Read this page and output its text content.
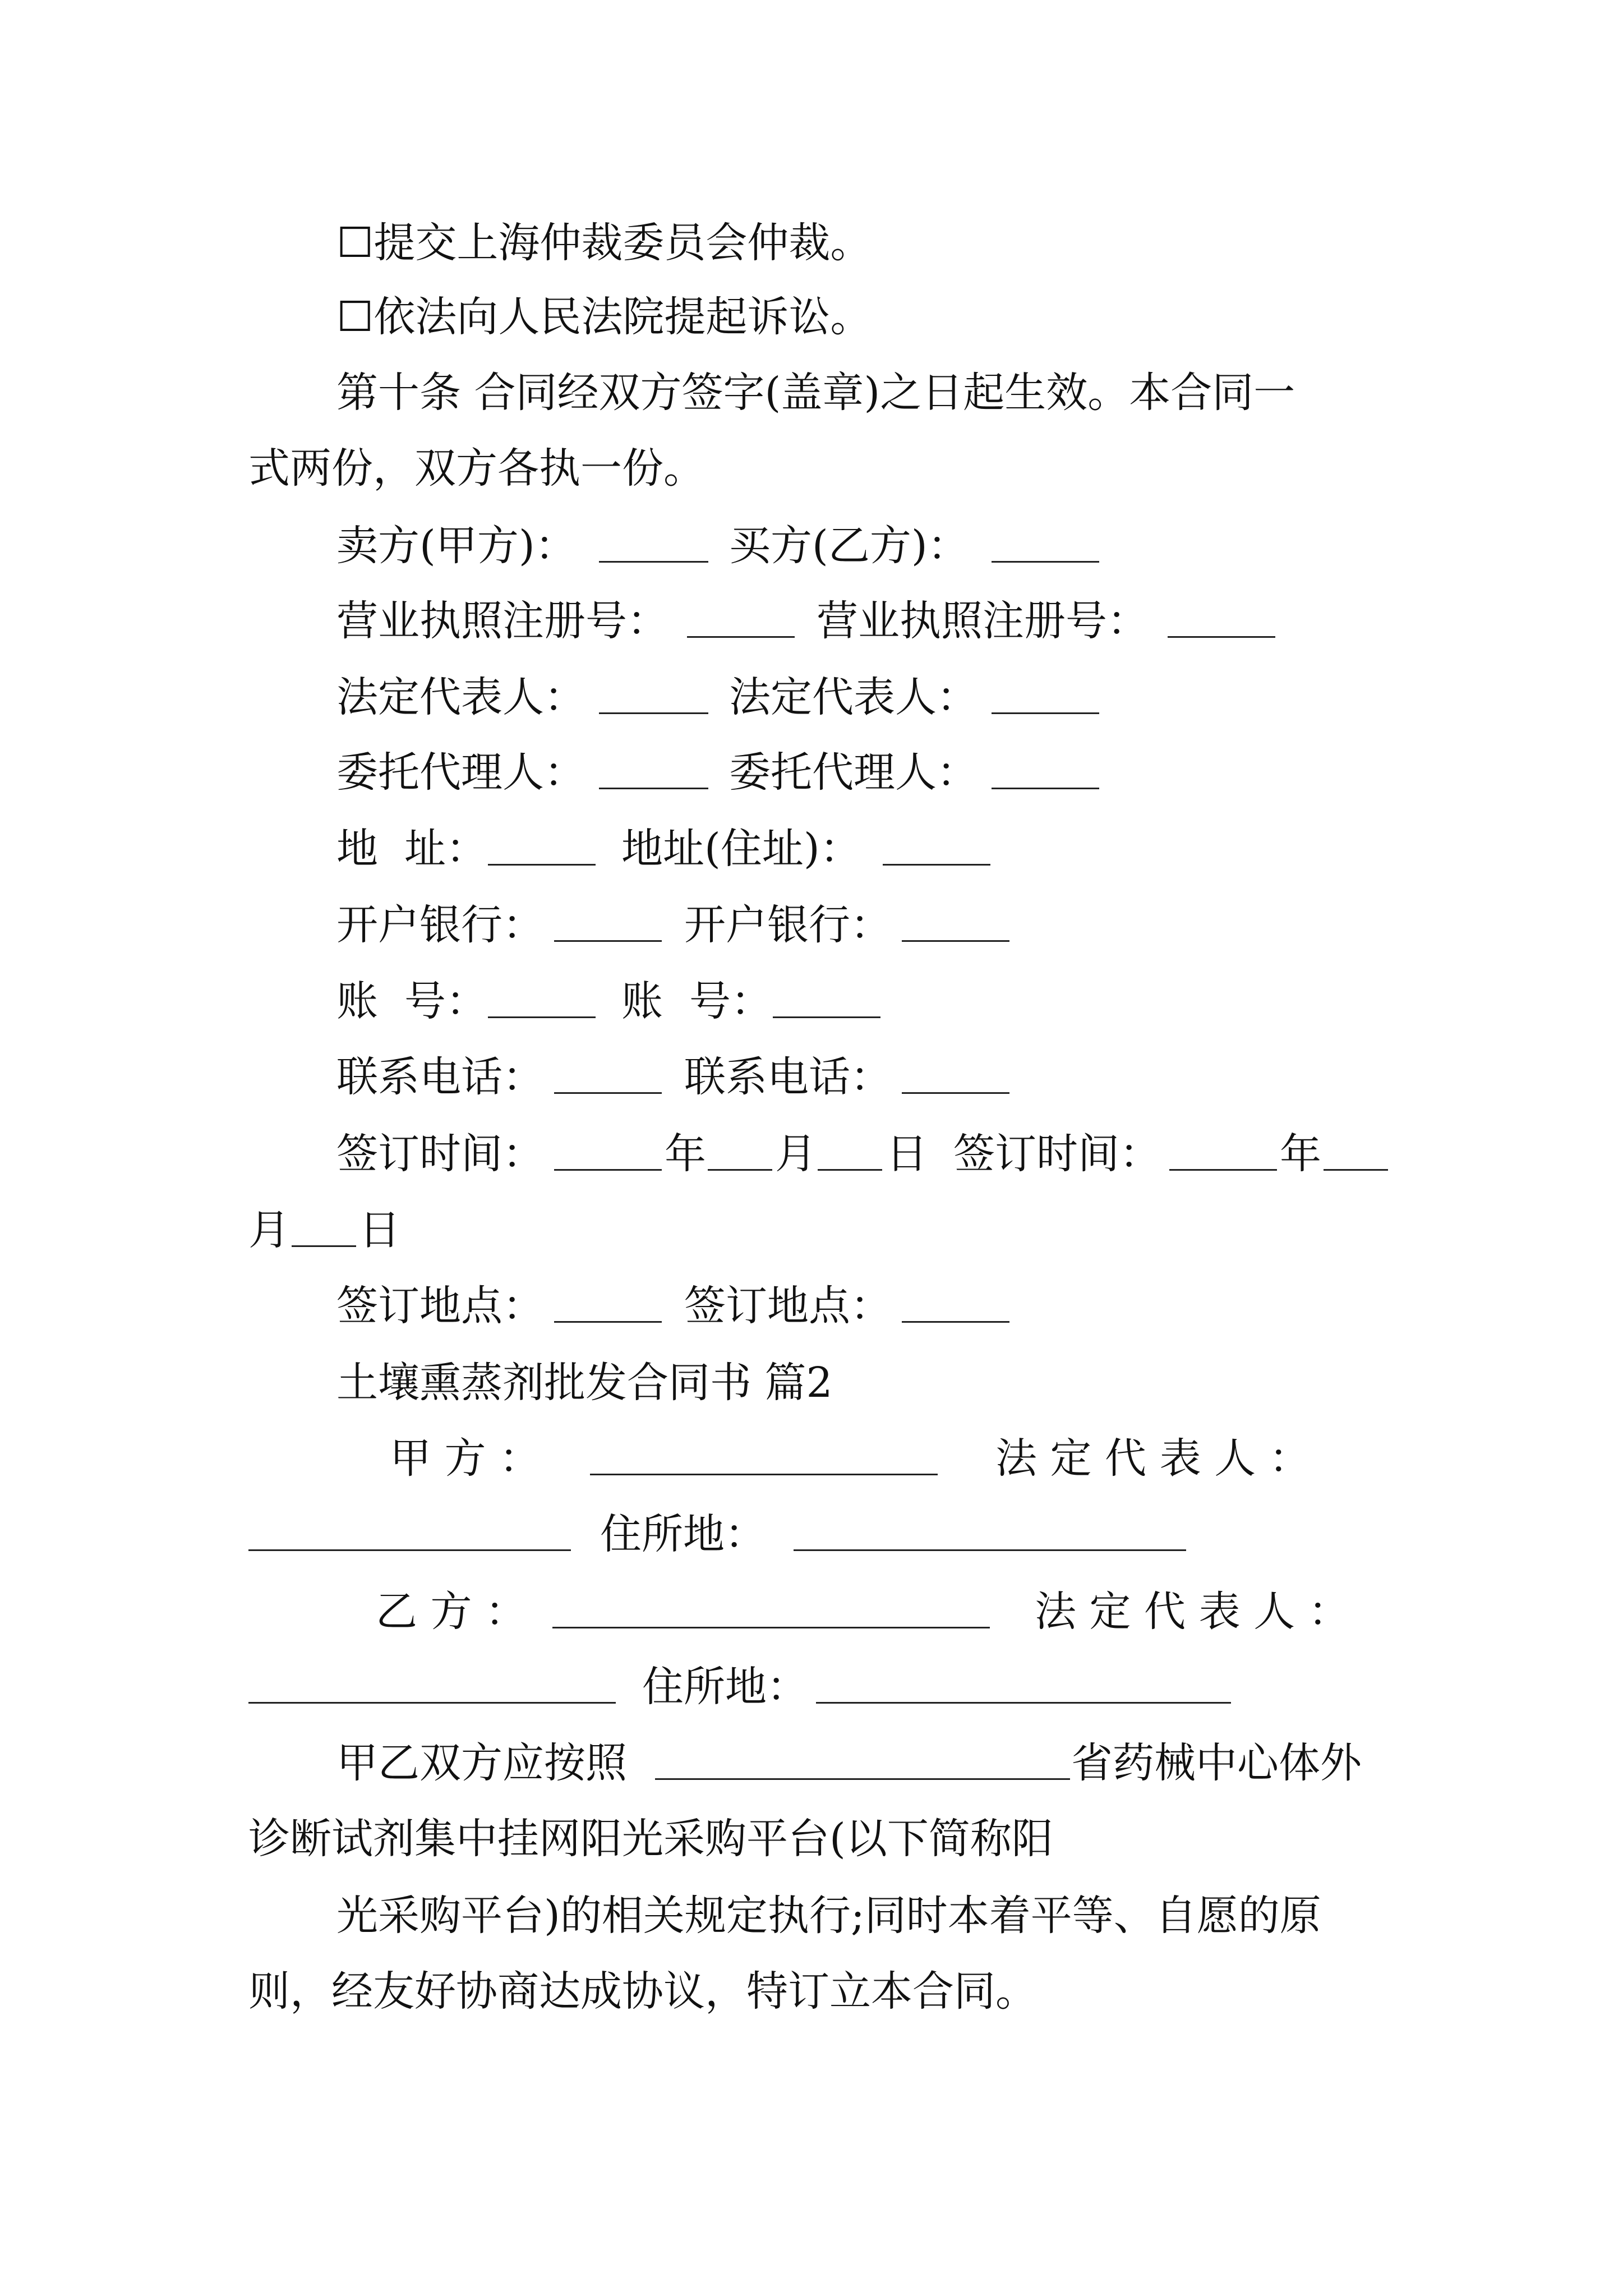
☐提交上海仲裁委员会仲裁。
☐依法向人民法院提起诉讼。
第十条 合同经双方签字(盖章)之日起生效。本合同一
式两份，双方各执一份。
卖方(甲方)：	买方(乙方)：
营业执照注册号：	营业执照注册号：
法定代表人：	法定代表人：
委托代理人：	委托代理人：
地  址：	地址(住址)：
开户银行：	开户银行：
账  号：	账  号：
联系电话：	联系电话：
签订时间：	年 月 日 签订时间：	年
月 日
签订地点：	签订地点：
土壤熏蒸剂批发合同书 篇2
甲 方 ：	法 定 代 表 人 ：
住所地：
乙 方 ：	法 定 代 表 人 ：
住所地：
甲乙双方应按照	省药械中心体外
诊断试剂集中挂网阳光采购平台(以下简称阳
光采购平台)的相关规定执行;同时本着平等、自愿的原
则，经友好协商达成协议，特订立本合同。
